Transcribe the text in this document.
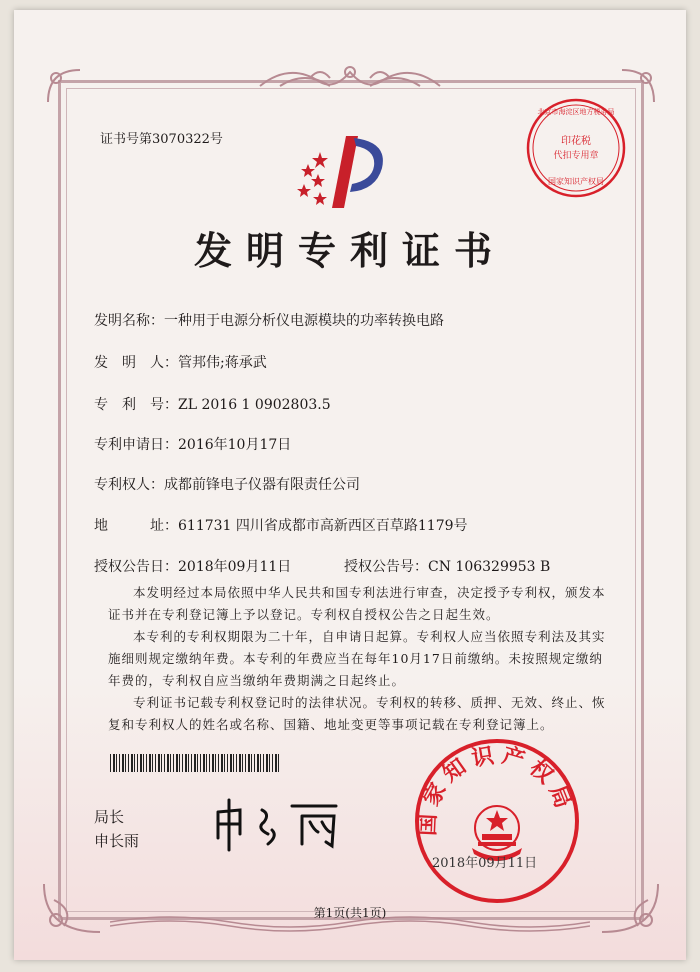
证书号第3070322号
北京市海淀区地方税务局
印花税
代扣专用章
国家知识产权局
发明专利证书
发明名称：一种用于电源分析仪电源模块的功率转换电路
发　明　人：管邦伟;蒋承武
专　利　号：ZL 2016 1 0902803.5
专利申请日：2016年10月17日
专利权人：成都前锋电子仪器有限责任公司
地　　　址：611731 四川省成都市高新西区百草路1179号
授权公告日：2018年09月11日	授权公告号：CN 106329953 B
本发明经过本局依照中华人民共和国专利法进行审查，决定授予专利权，颁发本证书并在专利登记簿上予以登记。专利权自授权公告之日起生效。
本专利的专利权期限为二十年，自申请日起算。专利权人应当依照专利法及其实施细则规定缴纳年费。本专利的年费应当在每年10月17日前缴纳。未按照规定缴纳年费的，专利权自应当缴纳年费期满之日起终止。
专利证书记载专利权登记时的法律状况。专利权的转移、质押、无效、终止、恢复和专利权人的姓名或名称、国籍、地址变更等事项记载在专利登记簿上。
局长
申长雨
国家知识产权局
2018年09月11日
第1页(共1页)
